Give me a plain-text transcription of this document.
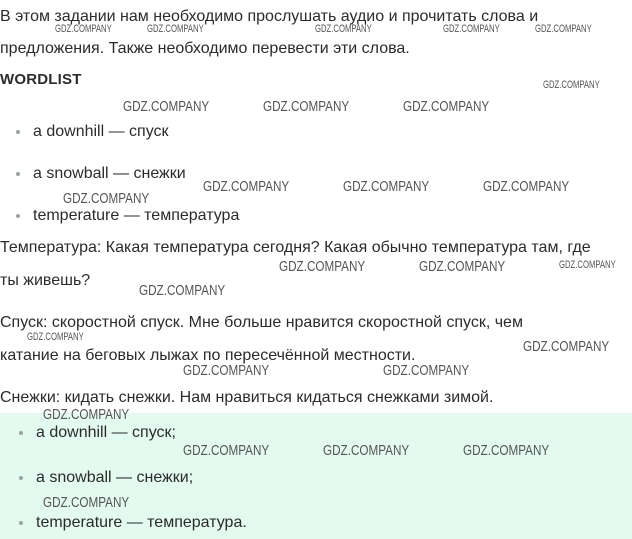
В этом задании нам необходимо прослушать аудио и прочитать слова и

предложения. Также необходимо перевести эти слова.

WORDLIST

a downhill — спуск
a snowball — снежки
temperature — температура

Температура: Какая температура сегодня? Какая обычно температура там, где

ты живешь?

Спуск: скоростной спуск. Мне больше нравится скоростной спуск, чем

катание на беговых лыжах по пересечённой местности.

Снежки: кидать снежки. Нам нравиться кидаться снежками зимой.

a downhill — спуск;
a snowball — снежки;
temperature — температура.
GDZ.COMPANY	GDZ.COMPANY	GDZ.COMPANY	GDZ.COMPANY	GDZ.COMPANY
GDZ.COMPANY
GDZ.COMPANY	GDZ.COMPANY	GDZ.COMPANY
GDZ.COMPANY	GDZ.COMPANY	GDZ.COMPANY
GDZ.COMPANY
GDZ.COMPANY	GDZ.COMPANY	GDZ.COMPANY
GDZ.COMPANY
GDZ.COMPANY
GDZ.COMPANY
GDZ.COMPANY	GDZ.COMPANY
GDZ.COMPANY
GDZ.COMPANY	GDZ.COMPANY	GDZ.COMPANY
GDZ.COMPANY
